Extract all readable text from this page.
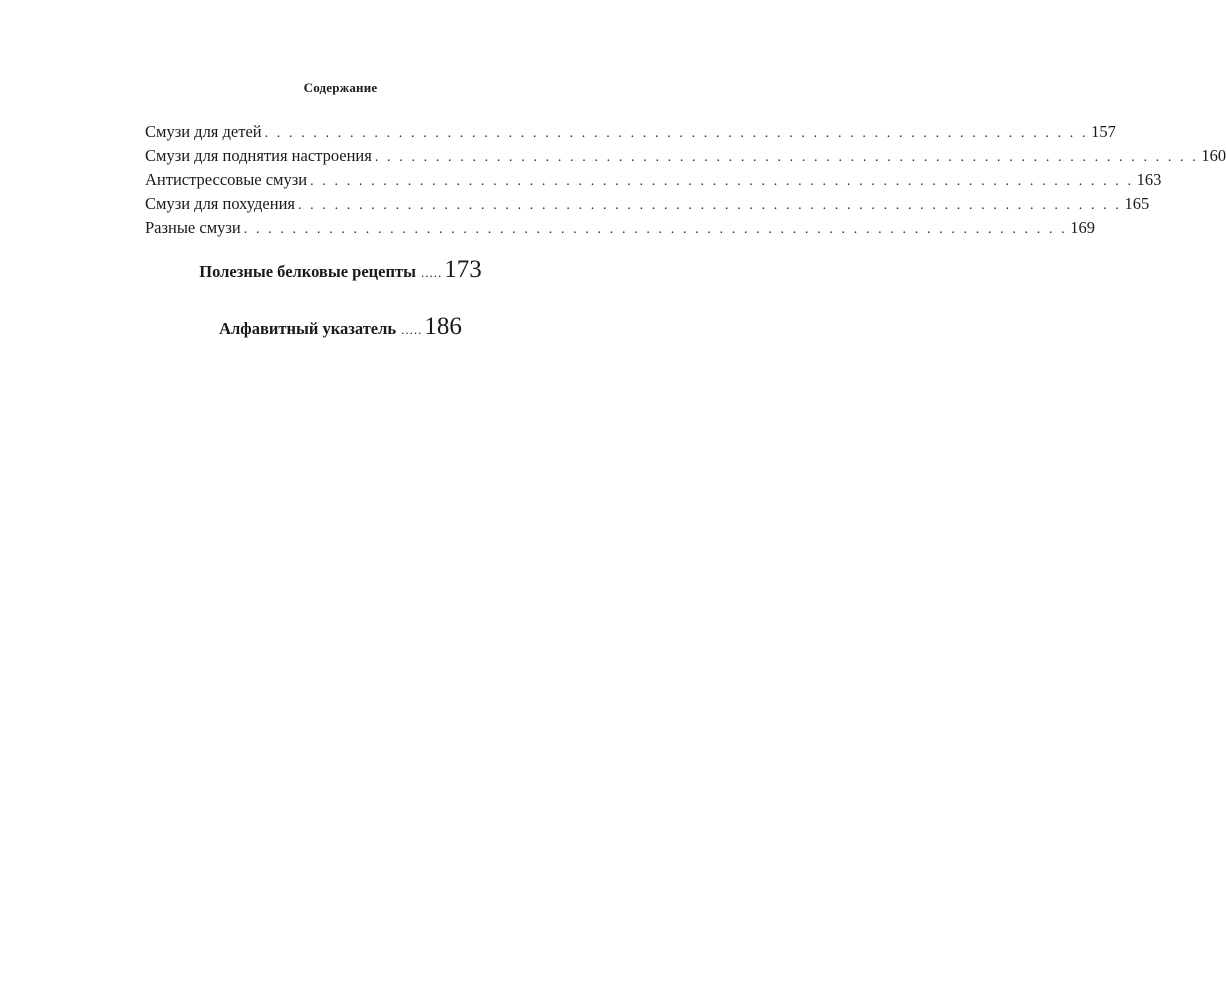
Содержание
Смузи для детей . . . . . . . . . . . . . . . . . . . . . . . . . . . . . . . . . . . . . . . . . . . . . . . . . . . . . . . . . . . . . . . . . . . . 157
Смузи для поднятия настроения . . . . . . . . . . . . . . . . . . . . . . . . . . . . . . . . . . . . . . . . . . . . . . . . . . . . . . . . . . . . . . . . . . . . 160
Антистрессовые смузи . . . . . . . . . . . . . . . . . . . . . . . . . . . . . . . . . . . . . . . . . . . . . . . . . . . . . . . . . . . . . . . . . . . . 163
Смузи для похудения . . . . . . . . . . . . . . . . . . . . . . . . . . . . . . . . . . . . . . . . . . . . . . . . . . . . . . . . . . . . . . . . . . . . 165
Разные смузи . . . . . . . . . . . . . . . . . . . . . . . . . . . . . . . . . . . . . . . . . . . . . . . . . . . . . . . . . . . . . . . . . . . . 169
Полезные белковые рецепты .....173
Алфавитный указатель .....186
